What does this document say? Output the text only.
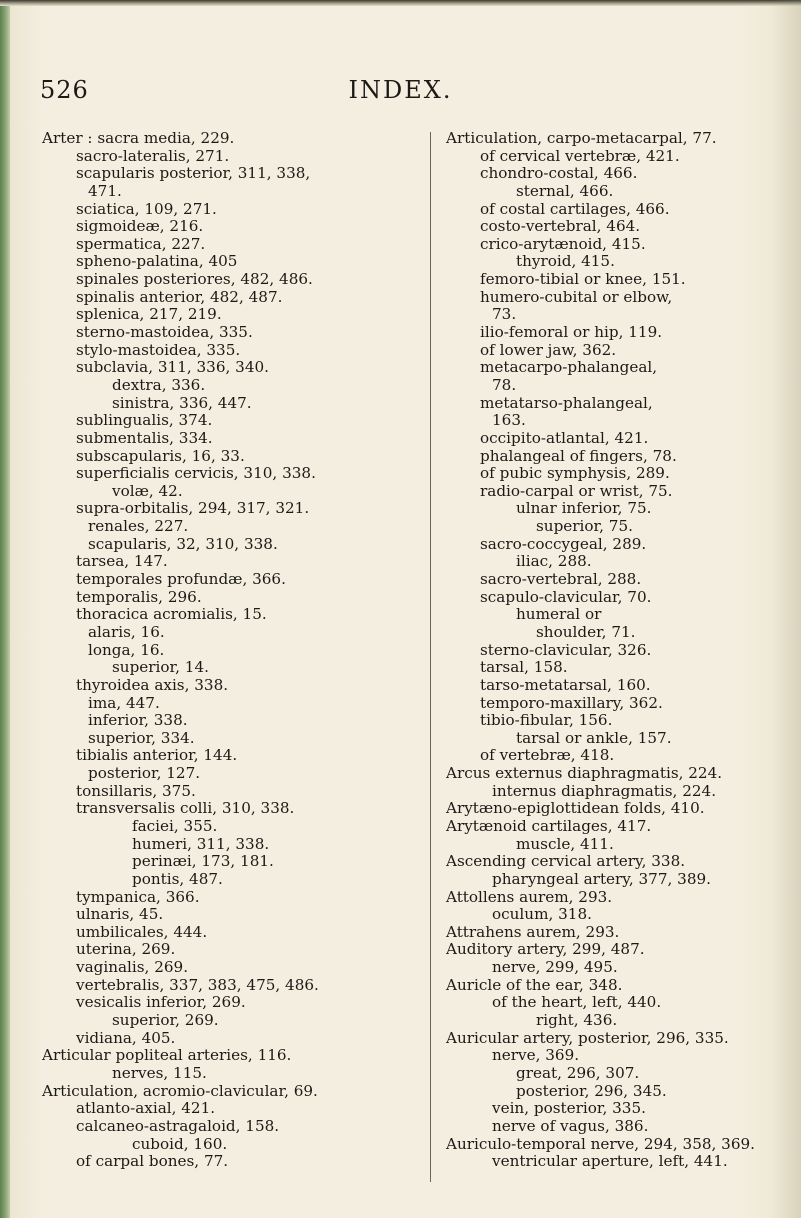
526	INDEX.
Arter : sacra media, 229.
sacro-lateralis, 271.
scapularis posterior, 311, 338,
471.
sciatica, 109, 271.
sigmoideæ, 216.
spermatica, 227.
spheno-palatina, 405
spinales posteriores, 482, 486.
spinalis anterior, 482, 487.
splenica, 217, 219.
sterno-mastoidea, 335.
stylo-mastoidea, 335.
subclavia, 311, 336, 340.
dextra, 336.
sinistra, 336, 447.
sublingualis, 374.
submentalis, 334.
subscapularis, 16, 33.
superficialis cervicis, 310, 338.
volæ, 42.
supra-orbitalis, 294, 317, 321.
renales, 227.
scapularis, 32, 310, 338.
tarsea, 147.
temporales profundæ, 366.
temporalis, 296.
thoracica acromialis, 15.
alaris, 16.
longa, 16.
superior, 14.
thyroidea axis, 338.
ima, 447.
inferior, 338.
superior, 334.
tibialis anterior, 144.
posterior, 127.
tonsillaris, 375.
transversalis colli, 310, 338.
faciei, 355.
humeri, 311, 338.
perinæi, 173, 181.
pontis, 487.
tympanica, 366.
ulnaris, 45.
umbilicales, 444.
uterina, 269.
vaginalis, 269.
vertebralis, 337, 383, 475, 486.
vesicalis inferior, 269.
superior, 269.
vidiana, 405.
Articular popliteal arteries, 116.
nerves, 115.
Articulation, acromio-clavicular, 69.
atlanto-axial, 421.
calcaneo-astragaloid, 158.
cuboid, 160.
of carpal bones, 77.
Articulation, carpo-metacarpal, 77.
of cervical vertebræ, 421.
chondro-costal, 466.
sternal, 466.
of costal cartilages, 466.
costo-vertebral, 464.
crico-arytænoid, 415.
thyroid, 415.
femoro-tibial or knee, 151.
humero-cubital or elbow,
73.
ilio-femoral or hip, 119.
of lower jaw, 362.
metacarpo-phalangeal,
78.
metatarso-phalangeal,
163.
occipito-atlantal, 421.
phalangeal of fingers, 78.
of pubic symphysis, 289.
radio-carpal or wrist, 75.
ulnar inferior, 75.
superior, 75.
sacro-coccygeal, 289.
iliac, 288.
sacro-vertebral, 288.
scapulo-clavicular, 70.
humeral or
shoulder, 71.
sterno-clavicular, 326.
tarsal, 158.
tarso-metatarsal, 160.
temporo-maxillary, 362.
tibio-fibular, 156.
tarsal or ankle, 157.
of vertebræ, 418.
Arcus externus diaphragmatis, 224.
internus diaphragmatis, 224.
Arytæno-epiglottidean folds, 410.
Arytænoid cartilages, 417.
muscle, 411.
Ascending cervical artery, 338.
pharyngeal artery, 377, 389.
Attollens aurem, 293.
oculum, 318.
Attrahens aurem, 293.
Auditory artery, 299, 487.
nerve, 299, 495.
Auricle of the ear, 348.
of the heart, left, 440.
right, 436.
Auricular artery, posterior, 296, 335.
nerve, 369.
great, 296, 307.
posterior, 296, 345.
vein, posterior, 335.
nerve of vagus, 386.
Auriculo-temporal nerve, 294, 358, 369.
ventricular aperture, left, 441.
